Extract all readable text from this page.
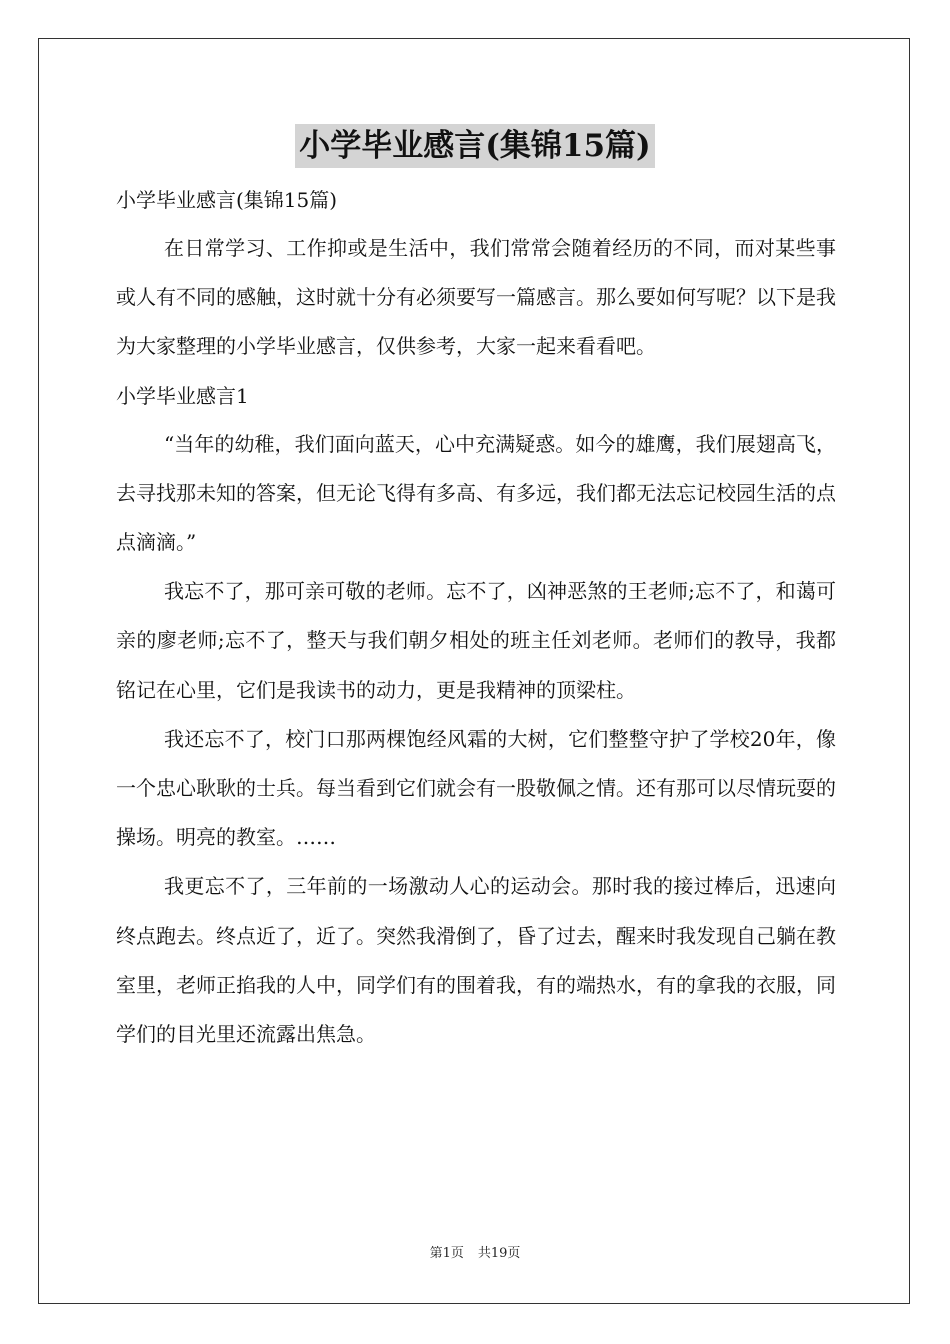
小学毕业感言(集锦15篇)

小学毕业感言(集锦15篇)

在日常学习、工作抑或是生活中，我们常常会随着经历的不同，而对某些事或人有不同的感触，这时就十分有必须要写一篇感言。那么要如何写呢？以下是我为大家整理的小学毕业感言，仅供参考，大家一起来看看吧。

小学毕业感言1

“当年的幼稚，我们面向蓝天，心中充满疑惑。如今的雄鹰，我们展翅高飞，去寻找那未知的答案，但无论飞得有多高、有多远，我们都无法忘记校园生活的点点滴滴。”

我忘不了，那可亲可敬的老师。忘不了，凶神恶煞的王老师;忘不了，和蔼可亲的廖老师;忘不了，整天与我们朝夕相处的班主任刘老师。老师们的教导，我都铭记在心里，它们是我读书的动力，更是我精神的顶梁柱。

我还忘不了，校门口那两棵饱经风霜的大树，它们整整守护了学校20年，像一个忠心耿耿的士兵。每当看到它们就会有一股敬佩之情。还有那可以尽情玩耍的操场。明亮的教室。……

我更忘不了，三年前的一场激动人心的运动会。那时我的接过棒后，迅速向终点跑去。终点近了，近了。突然我滑倒了，昏了过去，醒来时我发现自己躺在教室里，老师正掐我的人中，同学们有的围着我，有的端热水，有的拿我的衣服，同学们的目光里还流露出焦急。

第1页 共19页
